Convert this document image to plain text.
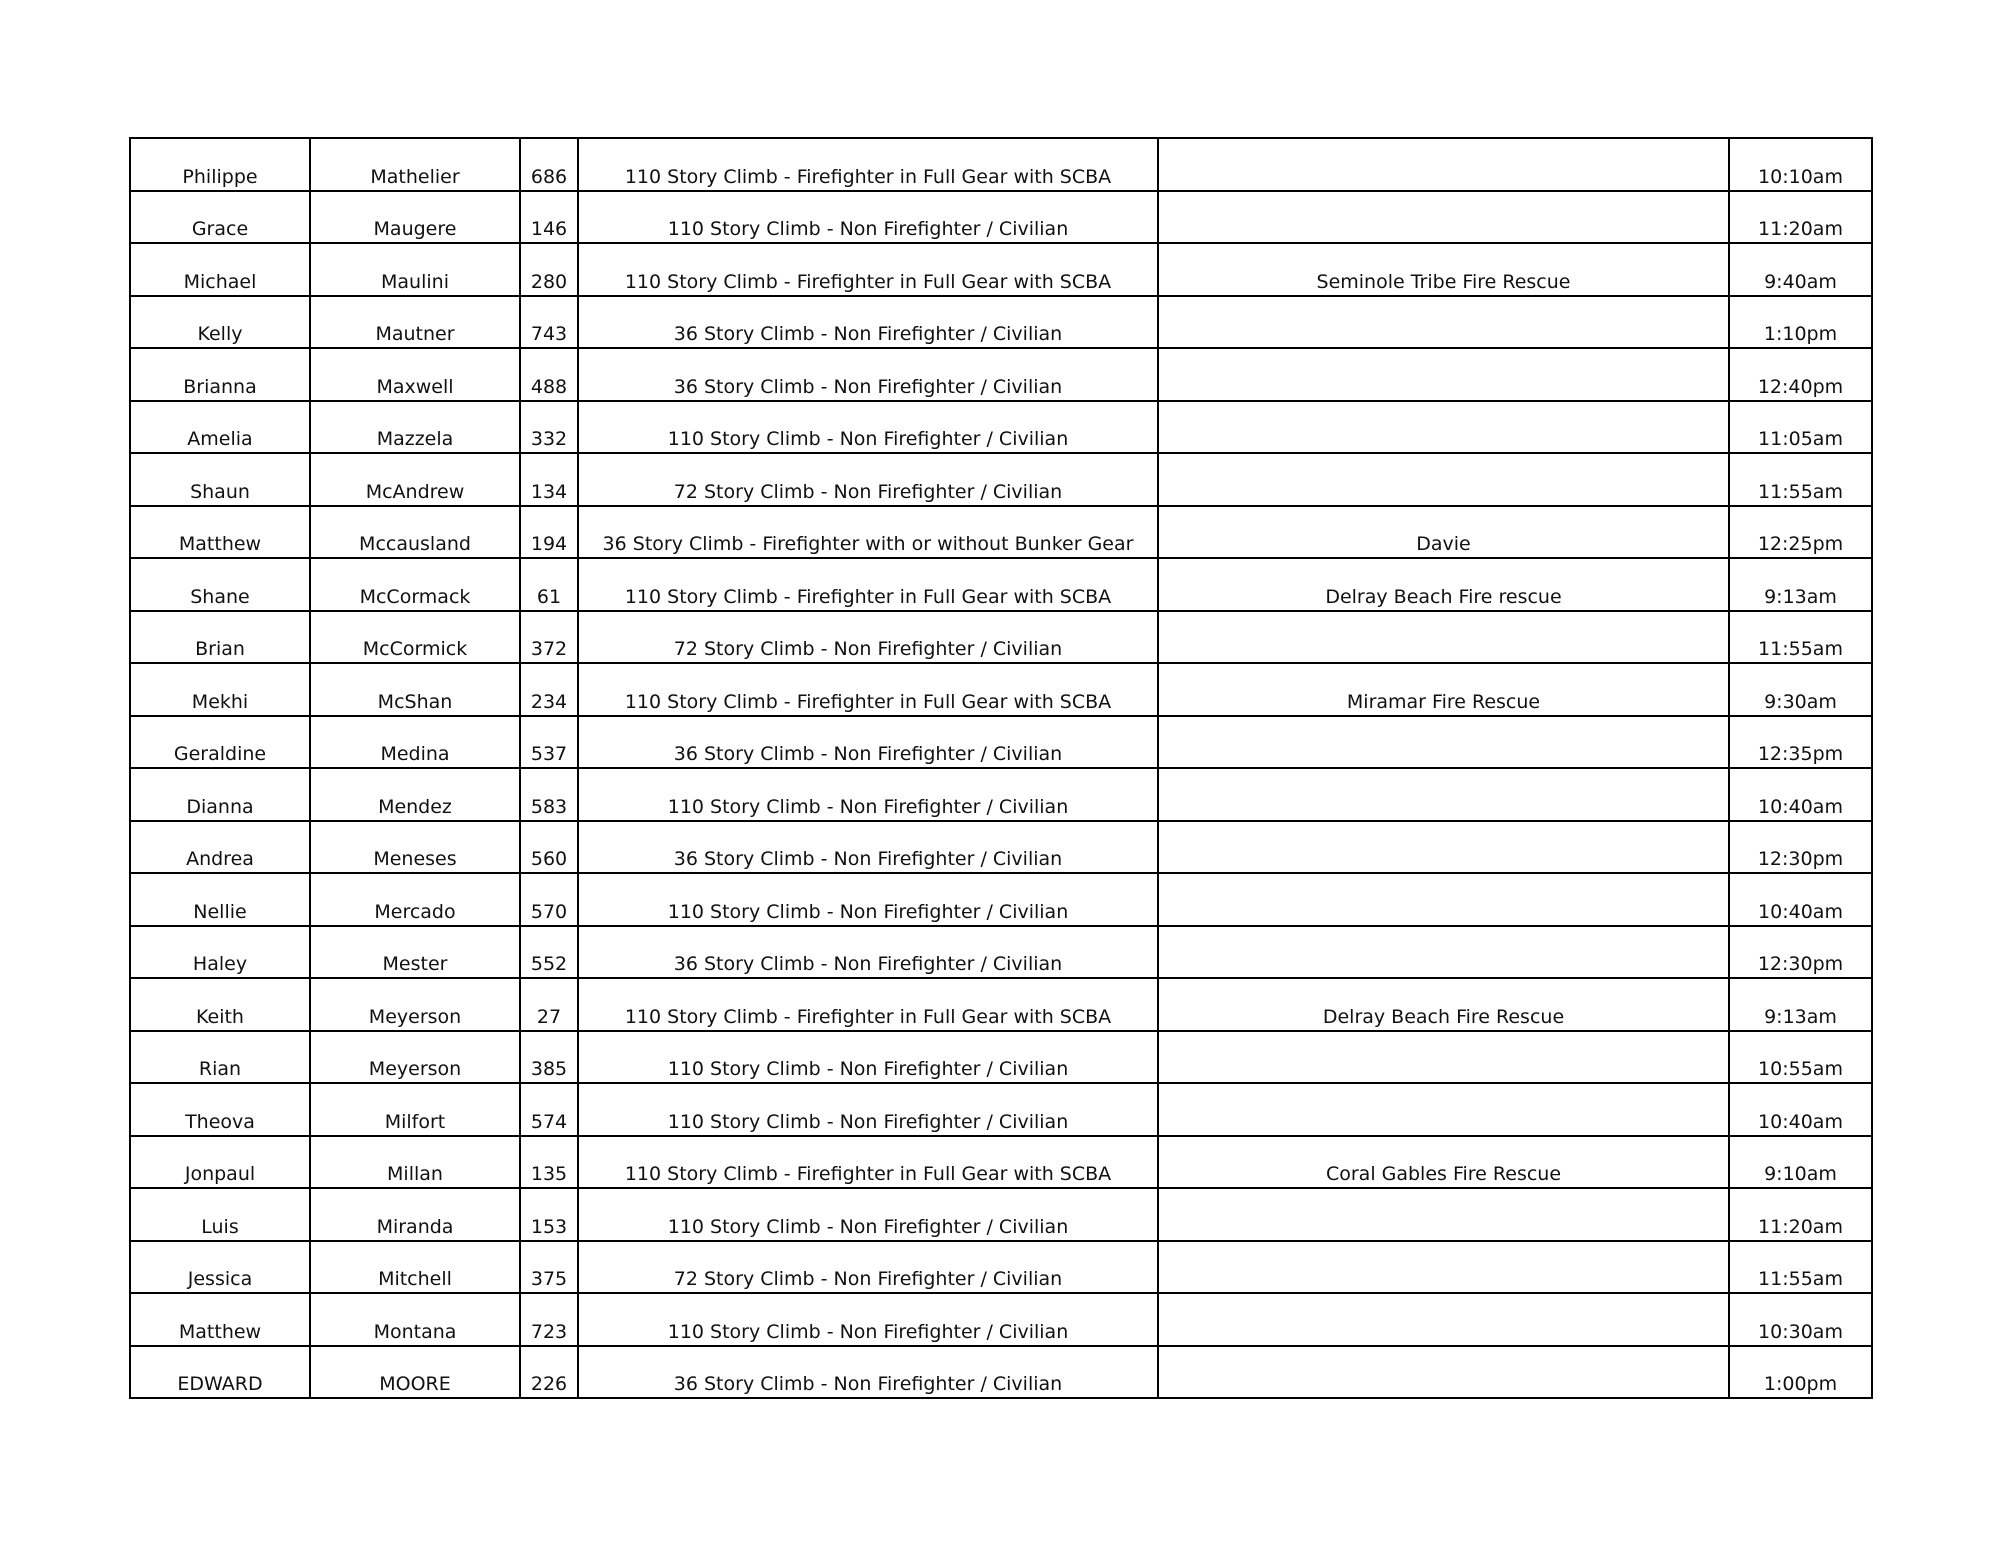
Philippe	Mathelier	686	110 Story Climb - Firefighter in Full Gear with SCBA		10:10am
Grace	Maugere	146	110 Story Climb - Non Firefighter / Civilian		11:20am
Michael	Maulini	280	110 Story Climb - Firefighter in Full Gear with SCBA	Seminole Tribe Fire Rescue	9:40am
Kelly	Mautner	743	36 Story Climb - Non Firefighter / Civilian		1:10pm
Brianna	Maxwell	488	36 Story Climb - Non Firefighter / Civilian		12:40pm
Amelia	Mazzela	332	110 Story Climb - Non Firefighter / Civilian		11:05am
Shaun	McAndrew	134	72 Story Climb - Non Firefighter / Civilian		11:55am
Matthew	Mccausland	194	36 Story Climb - Firefighter with or without Bunker Gear	Davie	12:25pm
Shane	McCormack	61	110 Story Climb - Firefighter in Full Gear with SCBA	Delray Beach Fire rescue	9:13am
Brian	McCormick	372	72 Story Climb - Non Firefighter / Civilian		11:55am
Mekhi	McShan	234	110 Story Climb - Firefighter in Full Gear with SCBA	Miramar Fire Rescue	9:30am
Geraldine	Medina	537	36 Story Climb - Non Firefighter / Civilian		12:35pm
Dianna	Mendez	583	110 Story Climb - Non Firefighter / Civilian		10:40am
Andrea	Meneses	560	36 Story Climb - Non Firefighter / Civilian		12:30pm
Nellie	Mercado	570	110 Story Climb - Non Firefighter / Civilian		10:40am
Haley	Mester	552	36 Story Climb - Non Firefighter / Civilian		12:30pm
Keith	Meyerson	27	110 Story Climb - Firefighter in Full Gear with SCBA	Delray Beach Fire Rescue	9:13am
Rian	Meyerson	385	110 Story Climb - Non Firefighter / Civilian		10:55am
Theova	Milfort	574	110 Story Climb - Non Firefighter / Civilian		10:40am
Jonpaul	Millan	135	110 Story Climb - Firefighter in Full Gear with SCBA	Coral Gables Fire Rescue	9:10am
Luis	Miranda	153	110 Story Climb - Non Firefighter / Civilian		11:20am
Jessica	Mitchell	375	72 Story Climb - Non Firefighter / Civilian		11:55am
Matthew	Montana	723	110 Story Climb - Non Firefighter / Civilian		10:30am
EDWARD	MOORE	226	36 Story Climb - Non Firefighter / Civilian		1:00pm
